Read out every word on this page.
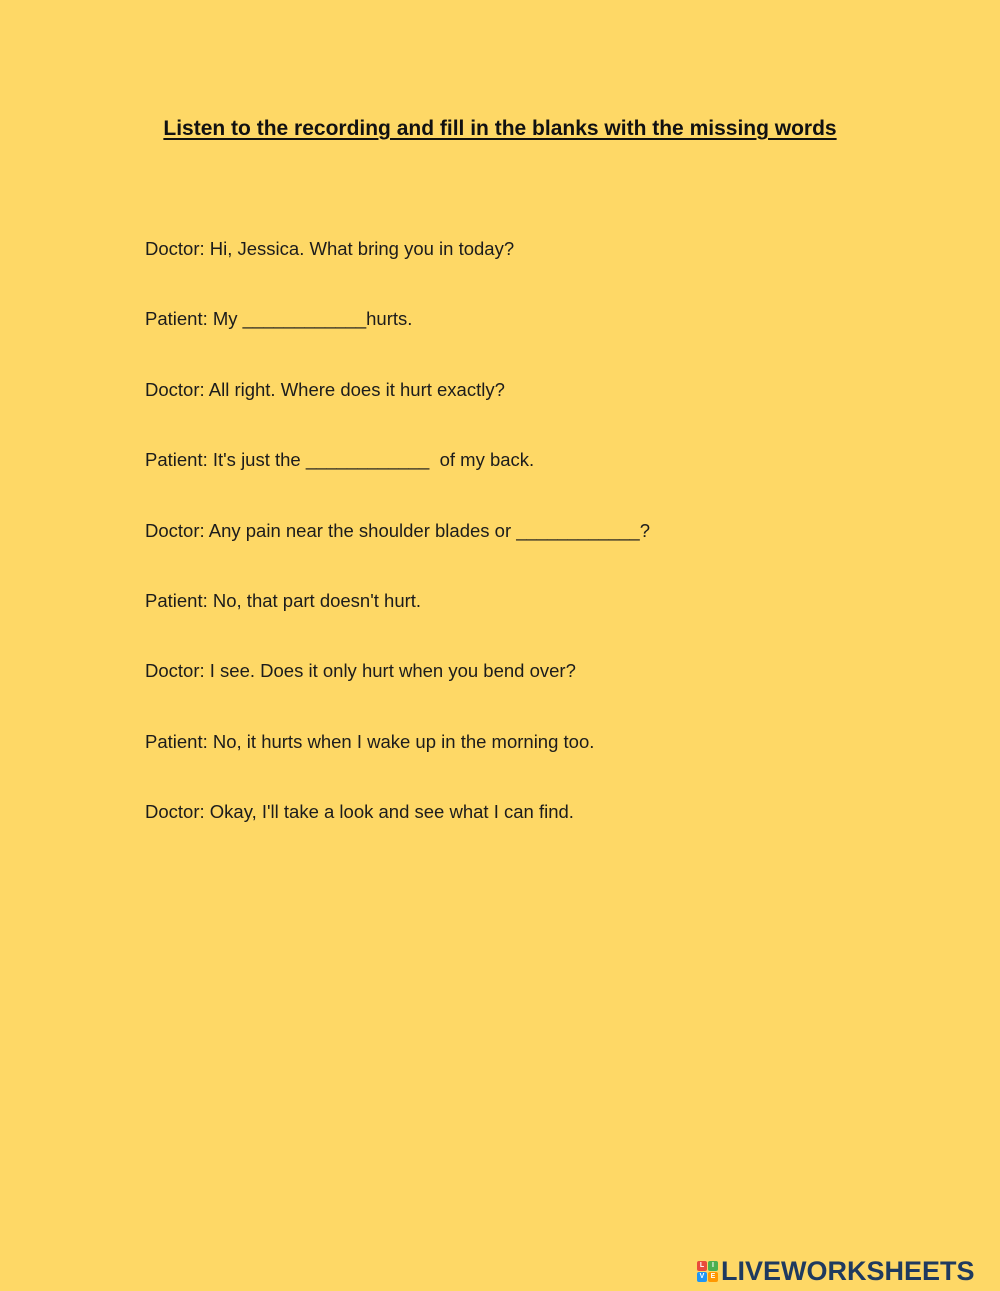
Listen to the recording and fill in the blanks with the missing words
Doctor: Hi, Jessica. What bring you in today?
Patient: My ____________hurts.
Doctor: All right. Where does it hurt exactly?
Patient: It's just the ____________  of my back.
Doctor: Any pain near the shoulder blades or ____________?
Patient: No, that part doesn't hurt.
Doctor: I see. Does it only hurt when you bend over?
Patient: No, it hurts when I wake up in the morning too.
Doctor: Okay, I'll take a look and see what I can find.
L	I
V E LIVEWORKSHEETS
